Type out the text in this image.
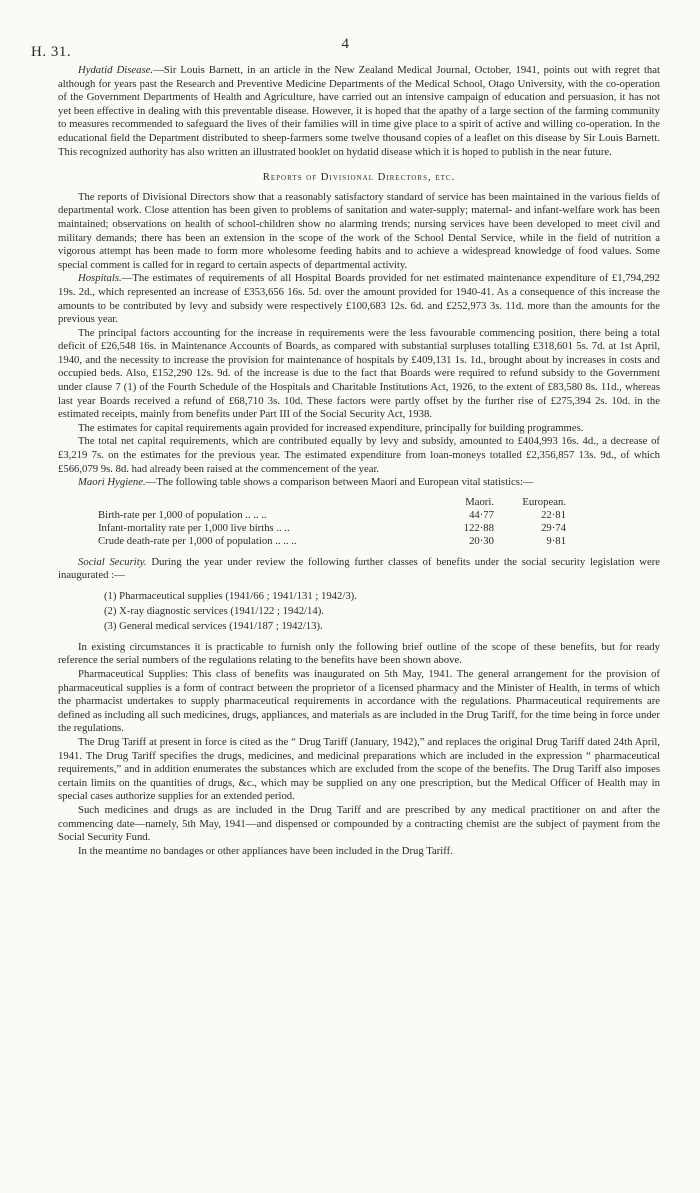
H. 31.	4

Hydatid Disease.—Sir Louis Barnett, in an article in the New Zealand Medical Journal, October, 1941, points out with regret that although for years past the Research and Preventive Medicine Departments of the Medical School, Otago University, with the co-operation of the Government Departments of Health and Agriculture, have carried out an intensive campaign of education and persuasion, it has not yet been effective in dealing with this preventable disease. However, it is hoped that the apathy of a large section of the farming community to measures recommended to safeguard the lives of their families will in time give place to a spirit of active and willing co-operation. In the educational field the Department distributed to sheep-farmers some twelve thousand copies of a leaflet on this disease by Sir Louis Barnett. This recognized authority has also written an illustrated booklet on hydatid disease which it is hoped to publish in the near future.

Reports of Divisional Directors, etc.

The reports of Divisional Directors show that a reasonably satisfactory standard of service has been maintained in the various fields of departmental work. Close attention has been given to problems of sanitation and water-supply; maternal- and infant-welfare work has been maintained; observations on health of school-children show no alarming trends; nursing services have been developed to meet civil and military demands; there has been an extension in the scope of the work of the School Dental Service, while in the field of nutrition a vigorous attempt has been made to form more wholesome feeding habits and to achieve a widespread knowledge of food values. Some special comment is called for in regard to certain aspects of departmental activity.

Hospitals.—The estimates of requirements of all Hospital Boards provided for net estimated maintenance expenditure of £1,794,292 19s. 2d., which represented an increase of £353,656 16s. 5d. over the amount provided for 1940-41. As a consequence of this increase the amounts to be contributed by levy and subsidy were respectively £100,683 12s. 6d. and £252,973 3s. 11d. more than the amounts for the previous year.

The principal factors accounting for the increase in requirements were the less favourable commencing position, there being a total deficit of £26,548 16s. in Maintenance Accounts of Boards, as compared with substantial surpluses totalling £318,601 5s. 7d. at 1st April, 1940, and the necessity to increase the provision for maintenance of hospitals by £409,131 1s. 1d., brought about by increases in costs and occupied beds. Also, £152,290 12s. 9d. of the increase is due to the fact that Boards were required to refund subsidy to the Government under clause 7 (1) of the Fourth Schedule of the Hospitals and Charitable Institutions Act, 1926, to the extent of £83,580 8s. 11d., whereas last year Boards received a refund of £68,710 3s. 10d. These factors were partly offset by the further rise of £275,394 2s. 10d. in the estimated receipts, mainly from benefits under Part III of the Social Security Act, 1938.

The estimates for capital requirements again provided for increased expenditure, principally for building programmes.

The total net capital requirements, which are contributed equally by levy and subsidy, amounted to £404,993 16s. 4d., a decrease of £3,219 7s. on the estimates for the previous year. The estimated expenditure from loan-moneys totalled £2,356,857 13s. 9d., of which £566,079 9s. 8d. had already been raised at the commencement of the year.

Maori Hygiene.—The following table shows a comparison between Maori and European vital statistics:—

	Maori.	European.
Birth-rate per 1,000 of population .. .. ..	44·77	22·81
Infant-mortality rate per 1,000 live births .. ..	122·88	29·74
Crude death-rate per 1,000 of population .. .. ..	20·30	9·81

Social Security. During the year under review the following further classes of benefits under the social security legislation were inaugurated :—

(1) Pharmaceutical supplies (1941/66 ; 1941/131 ; 1942/3).
(2) X-ray diagnostic services (1941/122 ; 1942/14).
(3) General medical services (1941/187 ; 1942/13).

In existing circumstances it is practicable to furnish only the following brief outline of the scope of these benefits, but for ready reference the serial numbers of the regulations relating to the benefits have been shown above.

Pharmaceutical Supplies: This class of benefits was inaugurated on 5th May, 1941. The general arrangement for the provision of pharmaceutical supplies is a form of contract between the proprietor of a licensed pharmacy and the Minister of Health, in terms of which the pharmacist undertakes to supply pharmaceutical requirements in accordance with the regulations. Pharmaceutical requirements are defined as including all such medicines, drugs, appliances, and materials as are included in the Drug Tariff, for the time being in force under the regulations.

The Drug Tariff at present in force is cited as the “ Drug Tariff (January, 1942),” and replaces the original Drug Tariff dated 24th April, 1941. The Drug Tariff specifies the drugs, medicines, and medicinal preparations which are included in the expression “ pharmaceutical requirements,” and in addition enumerates the substances which are excluded from the scope of the benefits. The Drug Tariff also imposes certain limits on the quantities of drugs, &c., which may be supplied on any one prescription, but the Medical Officer of Health may in special cases authorize supplies for an extended period.

Such medicines and drugs as are included in the Drug Tariff and are prescribed by any medical practitioner on and after the commencing date—namely, 5th May, 1941—and dispensed or compounded by a contracting chemist are the subject of payment from the Social Security Fund.

In the meantime no bandages or other appliances have been included in the Drug Tariff.
